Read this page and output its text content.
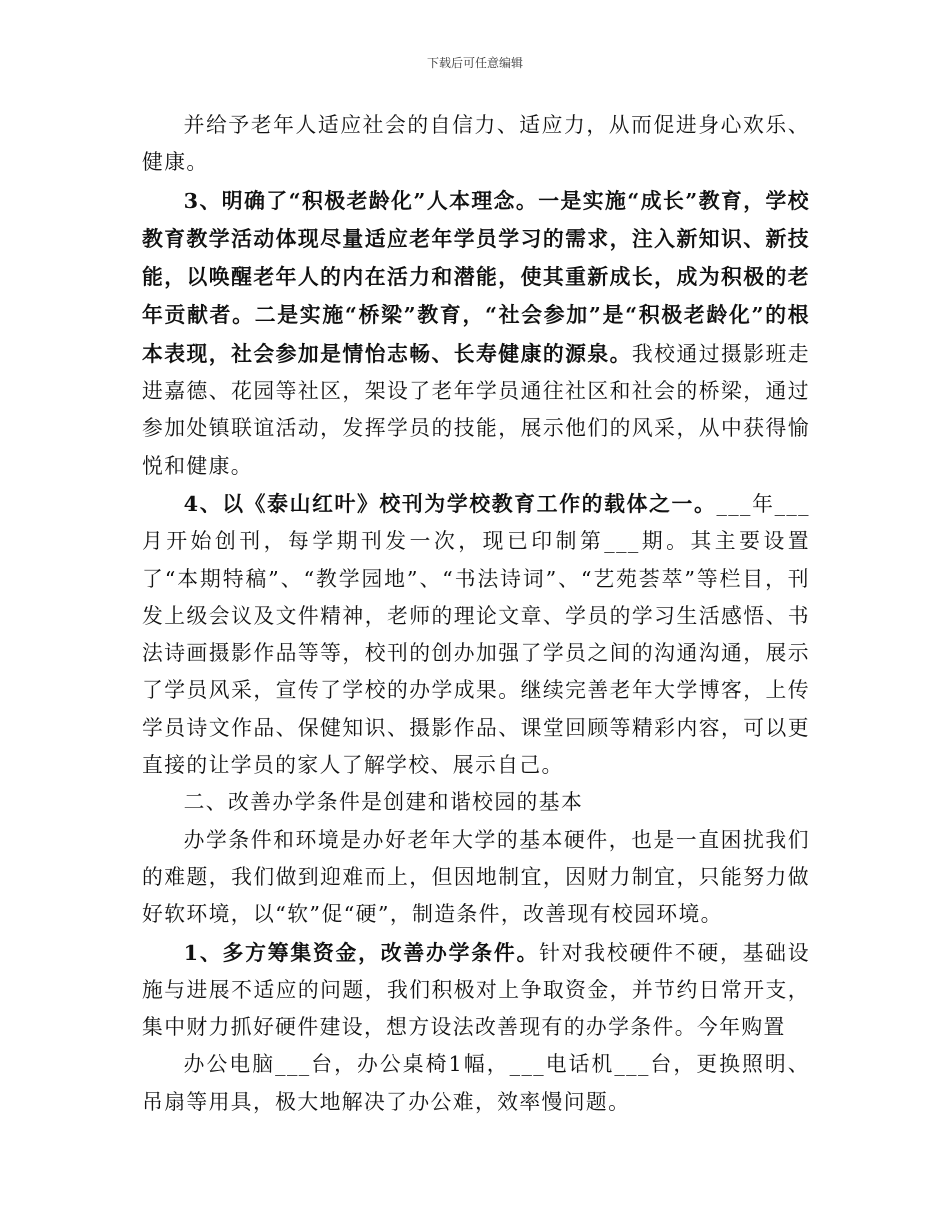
下载后可任意编辑

并给予老年人适应社会的自信力、适应力，从而促进身心欢乐、健康。

3、明确了“积极老龄化”人本理念。一是实施“成长”教育，学校教育教学活动体现尽量适应老年学员学习的需求，注入新知识、新技能，以唤醒老年人的内在活力和潜能，使其重新成长，成为积极的老年贡献者。二是实施“桥梁”教育，“社会参加”是“积极老龄化”的根本表现，社会参加是情怡志畅、长寿健康的源泉。我校通过摄影班走进嘉德、花园等社区，架设了老年学员通往社区和社会的桥梁，通过参加处镇联谊活动，发挥学员的技能，展示他们的风采，从中获得愉悦和健康。

4、以《泰山红叶》校刊为学校教育工作的载体之一。___年___月开始创刊，每学期刊发一次，现已印制第___期。其主要设置了“本期特稿”、“教学园地”、“书法诗词”、“艺苑荟萃”等栏目，刊发上级会议及文件精神，老师的理论文章、学员的学习生活感悟、书法诗画摄影作品等等，校刊的创办加强了学员之间的沟通沟通，展示了学员风采，宣传了学校的办学成果。继续完善老年大学博客，上传学员诗文作品、保健知识、摄影作品、课堂回顾等精彩内容，可以更直接的让学员的家人了解学校、展示自己。

二、改善办学条件是创建和谐校园的基本

办学条件和环境是办好老年大学的基本硬件，也是一直困扰我们的难题，我们做到迎难而上，但因地制宜，因财力制宜，只能努力做好软环境，以“软”促“硬”，制造条件，改善现有校园环境。

1、多方筹集资金，改善办学条件。针对我校硬件不硬，基础设施与进展不适应的问题，我们积极对上争取资金，并节约日常开支，集中财力抓好硬件建设，想方设法改善现有的办学条件。今年购置

办公电脑___台，办公桌椅1幅，___电话机___台，更换照明、吊扇等用具，极大地解决了办公难，效率慢问题。
